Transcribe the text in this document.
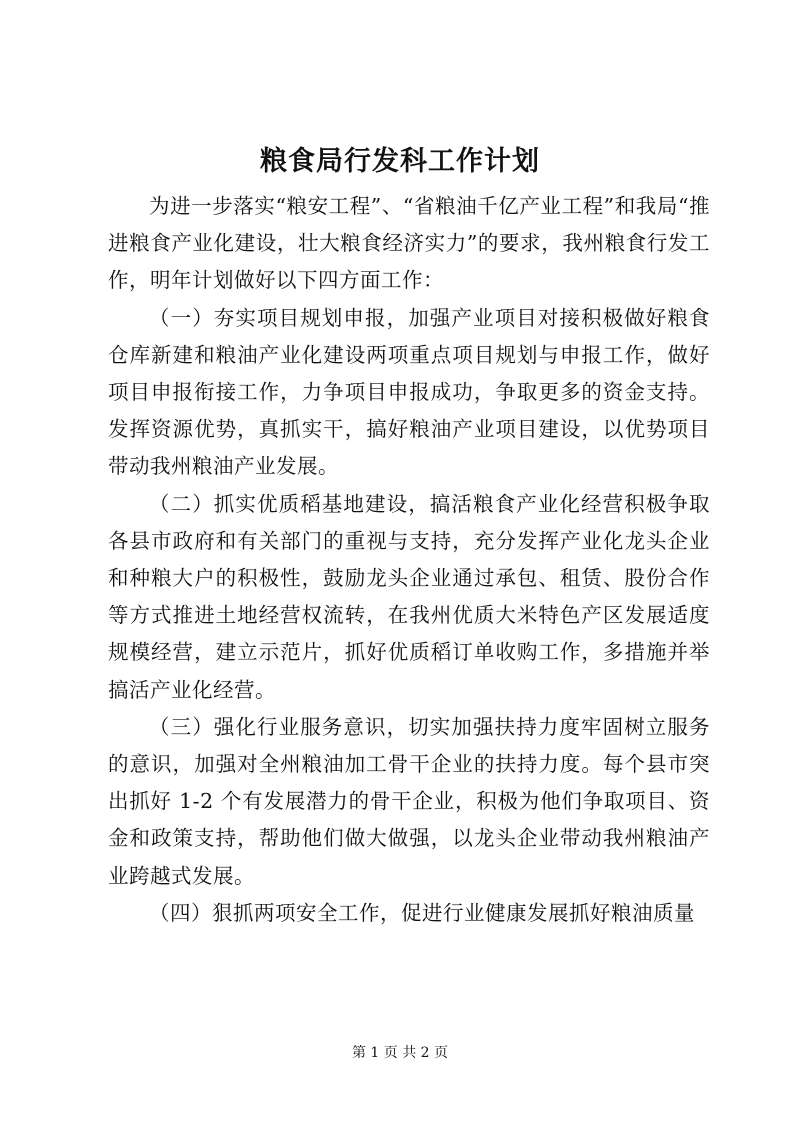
粮食局行发科工作计划

为进一步落实“粮安工程”、“省粮油千亿产业工程”和我局“推进粮食产业化建设，壮大粮食经济实力”的要求，我州粮食行发工作，明年计划做好以下四方面工作：

（一）夯实项目规划申报，加强产业项目对接积极做好粮食仓库新建和粮油产业化建设两项重点项目规划与申报工作，做好项目申报衔接工作，力争项目申报成功，争取更多的资金支持。发挥资源优势，真抓实干，搞好粮油产业项目建设，以优势项目带动我州粮油产业发展。

（二）抓实优质稻基地建设，搞活粮食产业化经营积极争取各县市政府和有关部门的重视与支持，充分发挥产业化龙头企业和种粮大户的积极性，鼓励龙头企业通过承包、租赁、股份合作等方式推进土地经营权流转，在我州优质大米特色产区发展适度规模经营，建立示范片，抓好优质稻订单收购工作，多措施并举搞活产业化经营。

（三）强化行业服务意识，切实加强扶持力度牢固树立服务的意识，加强对全州粮油加工骨干企业的扶持力度。每个县市突出抓好 1-2 个有发展潜力的骨干企业，积极为他们争取项目、资金和政策支持，帮助他们做大做强，以龙头企业带动我州粮油产业跨越式发展。

（四）狠抓两项安全工作，促进行业健康发展抓好粮油质量

第 1 页 共 2 页
